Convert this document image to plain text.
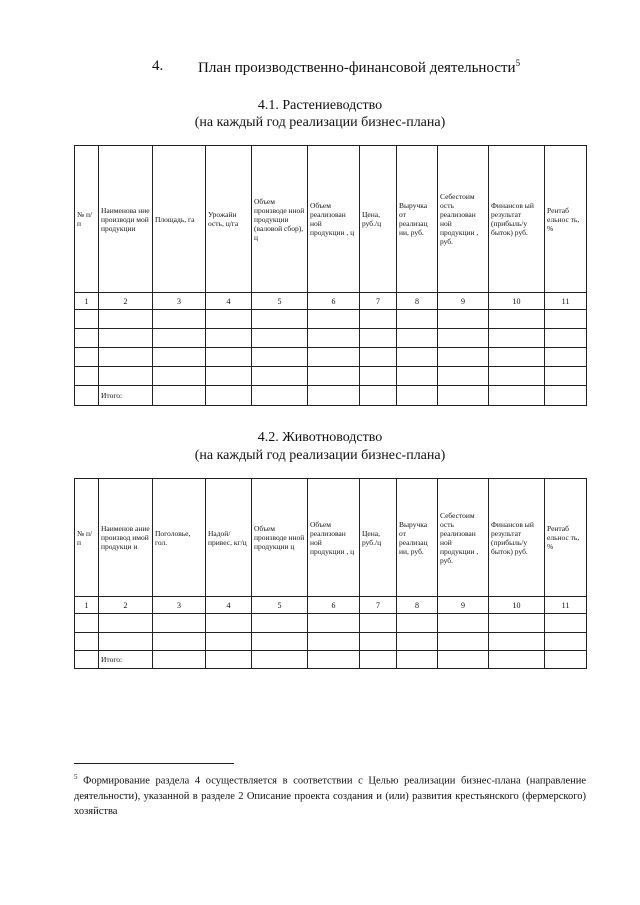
4. План производственно-финансовой деятельности$^5$
4.1. Растениеводство
(на каждый год реализации бизнес-плана)
№ п/ п	Наименова ние производи мой продукции	Площадь, га	Урожайн ость, ц/га	Объем производе нной продукции (валовой сбор), ц	Объем реализован ной продукции , ц	Цена, руб./ц	Выручка от реализац ии, руб.	Себестоим ость реализован ной продукции , руб.	Финансов ый результат (прибыль/у быток) руб.	Рентаб ельнос ть, %
1	2	3	4	5	6	7	8	9	10	11

	Итого:									
4.2. Животноводство
(на каждый год реализации бизнес-плана)
№ п/п	Наименов ание производ имой продукци и	Поголовье, гол.	Надой/ привес, кг/ц	Объем производе нной продукции ц	Объем реализован ной продукции , ц	Цена, руб./ц	Выручка от реализац ии, руб.	Себестоим ость реализован ной продукции , руб.	Финансов ый результат (прибыль/у быток) руб.	Рентаб ельнос ть, %
1	2	3	4	5	6	7	8	9	10	11

	Итого:									
$^5$ Формирование раздела 4 осуществляется в соответствии с Целью реализации бизнес-плана (направление деятельности), указанной в разделе 2 Описание проекта создания и (или) развития крестьянского (фермерского) хозяйства
